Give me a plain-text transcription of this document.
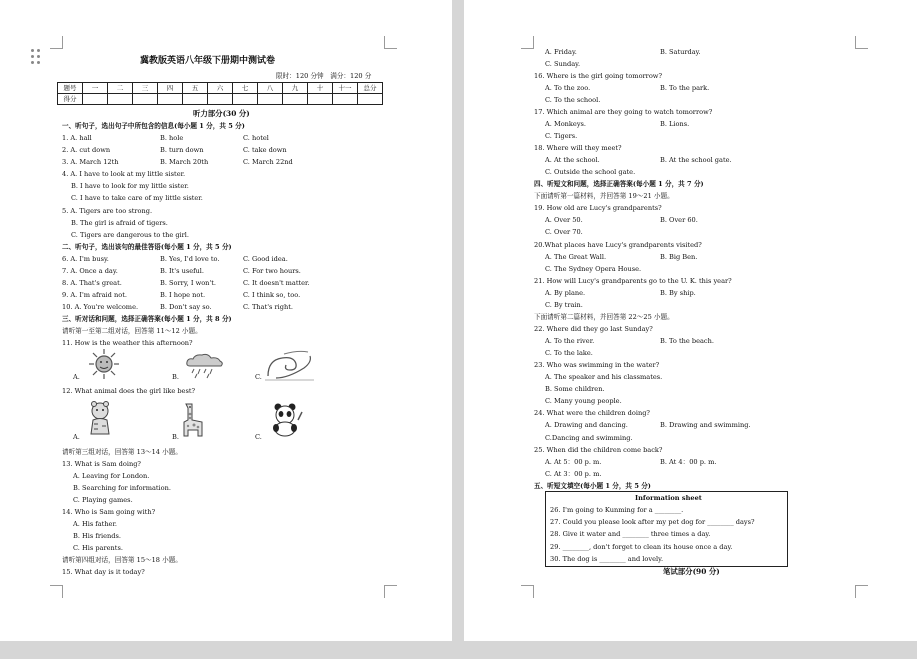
冀教版英语八年级下册期中测试卷
限时：120 分钟　满分：120 分
题号	一	二	三	四	五	六	七	八	九	十	十一	总分
得分												
听力部分(30 分)
一、听句子，选出句子中所包含的信息(每小题 1 分，共 5 分)
1. A. hall	B. hole	C. hotel
2. A. cut down	B. turn down	C. take down
3. A. March 12th	B. March 20th	C. March 22nd
4. A. I have to look at my little sister.
B. I have to look for my little sister.
C. I have to take care of my little sister.
5. A. Tigers are too strong.
B. The girl is afraid of tigers.
C. Tigers are dangerous to the girl.
二、听句子，选出该句的最佳答语(每小题 1 分，共 5 分)
6. A. I'm busy.	B. Yes, I'd love to.	C. Good idea.
7. A. Once a day.	B. It's useful.	C. For two hours.
8. A. That's great.	B. Sorry, I won't.	C. It doesn't matter.
9. A. I'm afraid not.	B. I hope not.	C. I think so, too.
10. A. You're welcome.	B. Don't say so.	C. That's right.
三、听对话和问题，选择正确答案(每小题 1 分，共 8 分)
请听第一至第二组对话，回答第 11～12 小题。
11. How is the weather this afternoon?
A.	B.	C.
12. What animal does the girl like best?
A.	B.	C.
请听第三组对话，回答第 13～14 小题。
13. What is Sam doing?
A. Leaving for London.
B. Searching for information.
C. Playing games.
14. Who is Sam going with?
A. His father.
B. His friends.
C. His parents.
请听第四组对话，回答第 15～18 小题。
15. What day is it today?
A. Friday.	B. Saturday.
C. Sunday.
16. Where is the girl going tomorrow?
A. To the zoo.	B. To the park.
C. To the school.
17. Which animal are they going to watch tomorrow?
A. Monkeys.	B. Lions.
C. Tigers.
18. Where will they meet?
A. At the school.	B. At the school gate.
C. Outside the school gate.
四、听短文和问题，选择正确答案(每小题 1 分，共 7 分)
下面请听第一篇材料，并回答第 19～21 小题。
19. How old are Lucy's grandparents?
A. Over 50.	B. Over 60.
C. Over 70.
20.What places have Lucy's grandparents visited?
A. The Great Wall.	B. Big Ben.
C. The Sydney Opera House.
21. How will Lucy's grandparents go to the U. K. this year?
A. By plane.	B. By ship.
C. By train.
下面请听第二篇材料，并回答第 22～25 小题。
22. Where did they go last Sunday?
A. To the river.	B. To the beach.
C. To the lake.
23. Who was swimming in the water?
A. The speaker and his classmates.
B. Some children.
C. Many young people.
24. What were the children doing?
A. Drawing and dancing.	B. Drawing and swimming.
C.Dancing and swimming.
25. When did the children come back?
A. At 5：00 p. m.	B. At 4：00 p. m.
C. At 3：00 p. m.
五、听短文填空(每小题 1 分，共 5 分)
Information sheet
26. I'm going to Kunming for a ________.
27. Could you please look after my pet dog for ________ days?
28. Give it water and ________ three times a day.
29. ________, don't forget to clean its house once a day.
30. The dog is ________ and lovely.
笔试部分(90 分)
